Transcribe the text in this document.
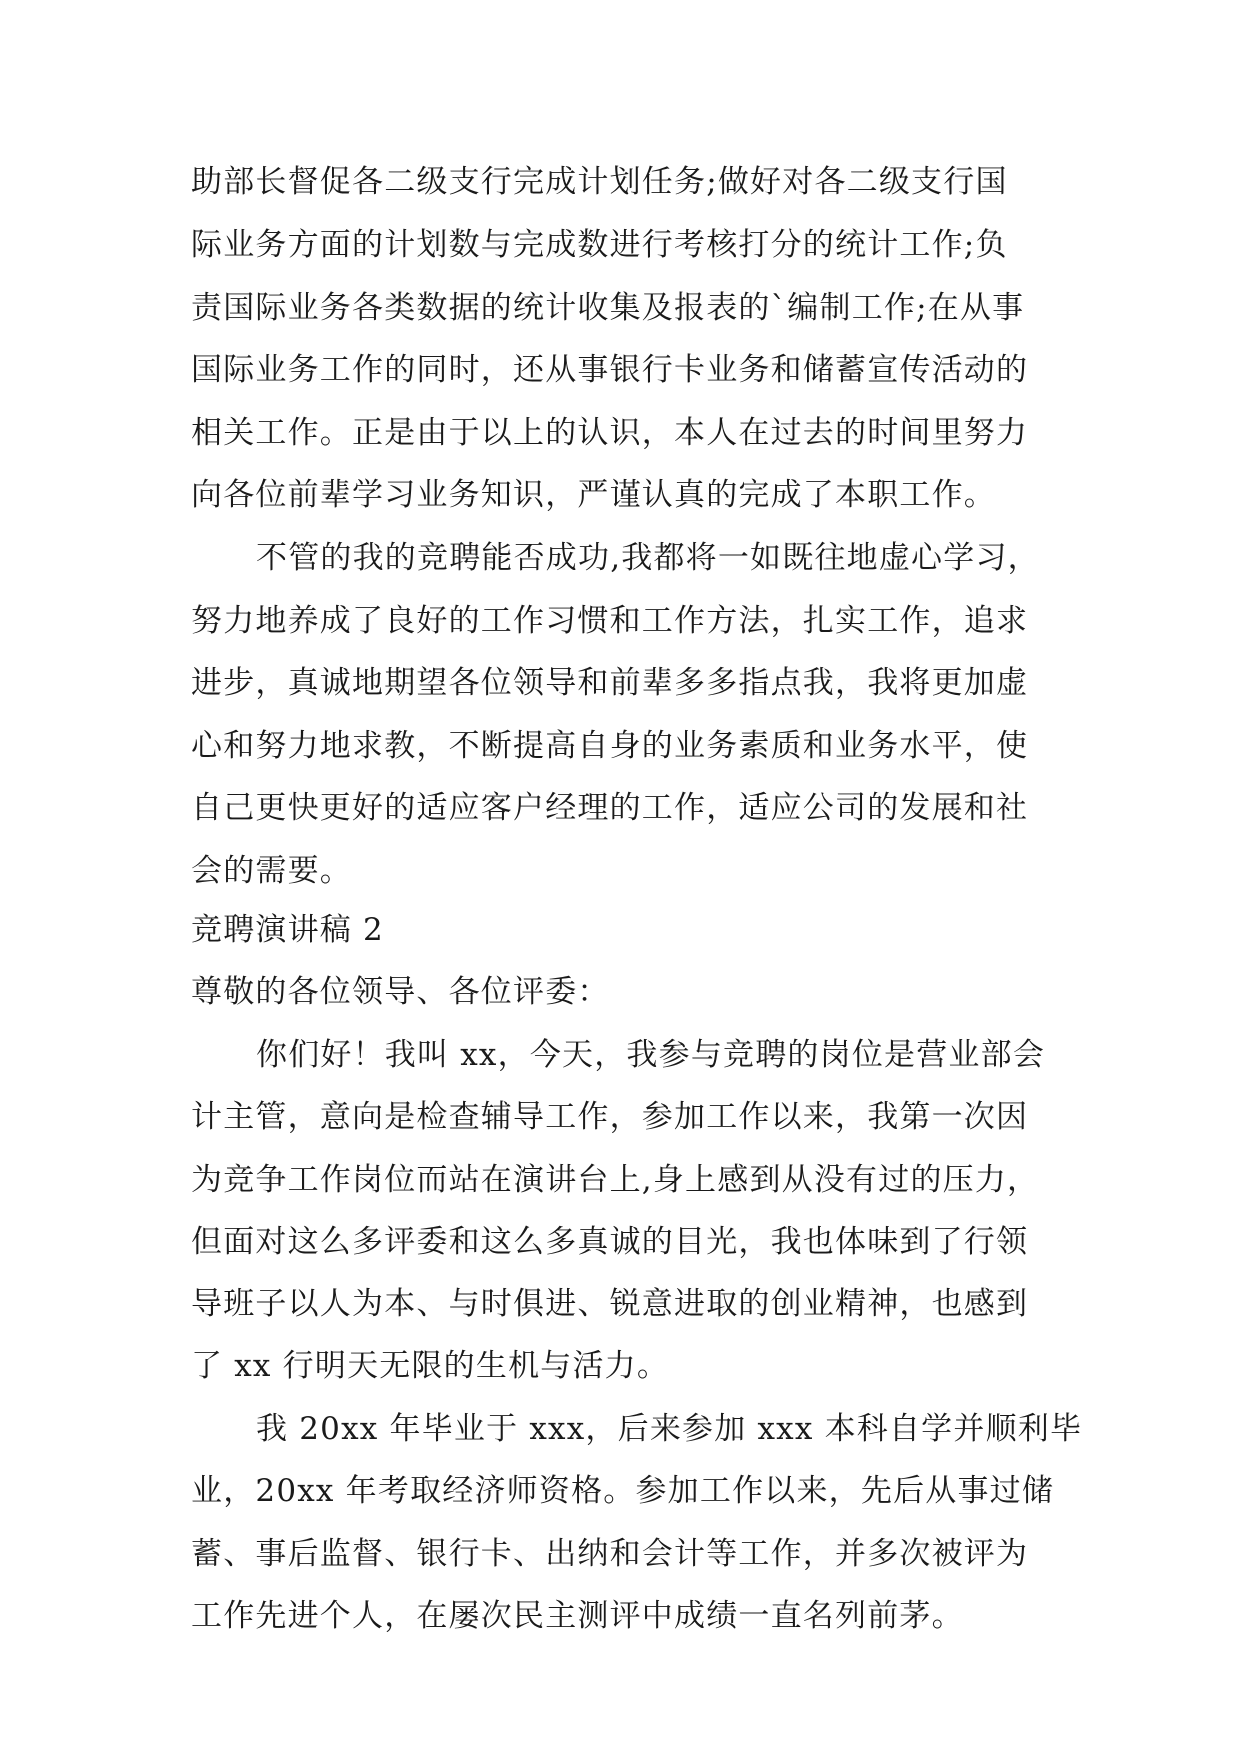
助部长督促各二级支行完成计划任务;做好对各二级支行国
际业务方面的计划数与完成数进行考核打分的统计工作;负
责国际业务各类数据的统计收集及报表的`编制工作;在从事
国际业务工作的同时，还从事银行卡业务和储蓄宣传活动的
相关工作。正是由于以上的认识，本人在过去的时间里努力
向各位前辈学习业务知识，严谨认真的完成了本职工作。
不管的我的竞聘能否成功,我都将一如既往地虚心学习，
努力地养成了良好的工作习惯和工作方法，扎实工作，追求
进步，真诚地期望各位领导和前辈多多指点我，我将更加虚
心和努力地求教，不断提高自身的业务素质和业务水平，使
自己更快更好的适应客户经理的工作，适应公司的发展和社
会的需要。
竞聘演讲稿 2
尊敬的各位领导、各位评委：
你们好！我叫 xx，今天，我参与竞聘的岗位是营业部会
计主管，意向是检查辅导工作，参加工作以来，我第一次因
为竞争工作岗位而站在演讲台上,身上感到从没有过的压力，
但面对这么多评委和这么多真诚的目光，我也体味到了行领
导班子以人为本、与时俱进、锐意进取的创业精神，也感到
了 xx 行明天无限的生机与活力。
我 20xx 年毕业于 xxx，后来参加 xxx 本科自学并顺利毕
业，20xx 年考取经济师资格。参加工作以来，先后从事过储
蓄、事后监督、银行卡、出纳和会计等工作，并多次被评为
工作先进个人，在屡次民主测评中成绩一直名列前茅。
